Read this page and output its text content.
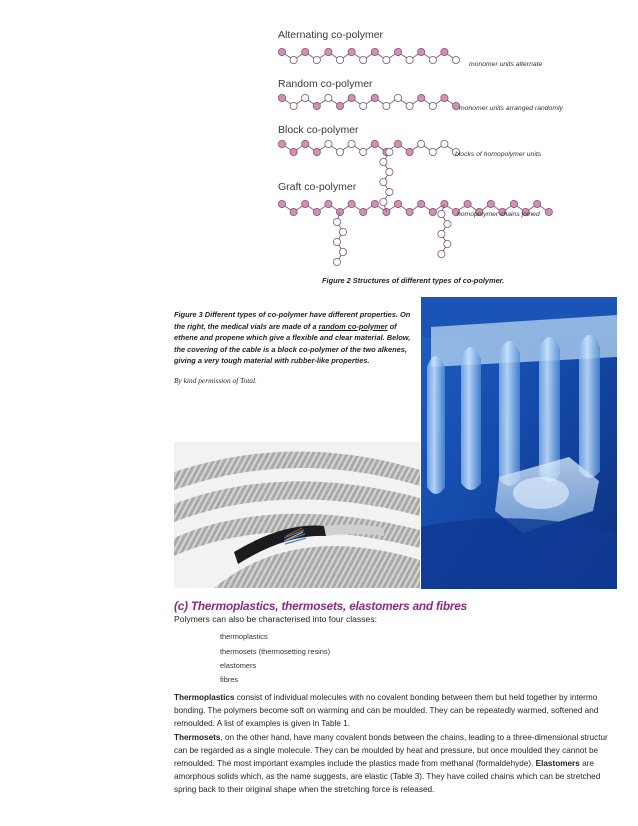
Alternating co-polymer
monomer units alternate
Random co-polymer
monomer units arranged randomly
Block co-polymer
blocks of homopolymer units
Graft co-polymer
homopolymer chains joined
Figure 2 Structures of different types of co-polymer.
Figure 3 Different types of co-polymer have different properties. On the right, the medical vials are made of a random co-polymer of ethene and propene which give a flexible and clear material. Below, the covering of the cable is a block co-polymer of the two alkenes, giving a very tough material with rubber-like properties.
By kind permission of Total.
(c) Thermoplastics, thermosets, elastomers and fibres
Polymers can also be characterised into four classes:
thermoplastics
thermosets (thermosetting resins)
elastomers
fibres
Thermoplastics consist of individual molecules with no covalent bonding between them but held together by intermo
bonding. The polymers become soft on warming and can be moulded. They can be repeatedly warmed, softened and
remoulded. A list of examples is given in Table 1.
Thermosets, on the other hand, have many covalent bonds between the chains, leading to a three-dimensional structur
can be regarded as a single molecule. They can be moulded by heat and pressure, but once moulded they cannot be
remoulded. The most important examples include the plastics made from methanal (formaldehyde). Elastomers are
amorphous solids which, as the name suggests, are elastic (Table 3). They have coiled chains which can be stretched
spring back to their original shape when the stretching force is released.
